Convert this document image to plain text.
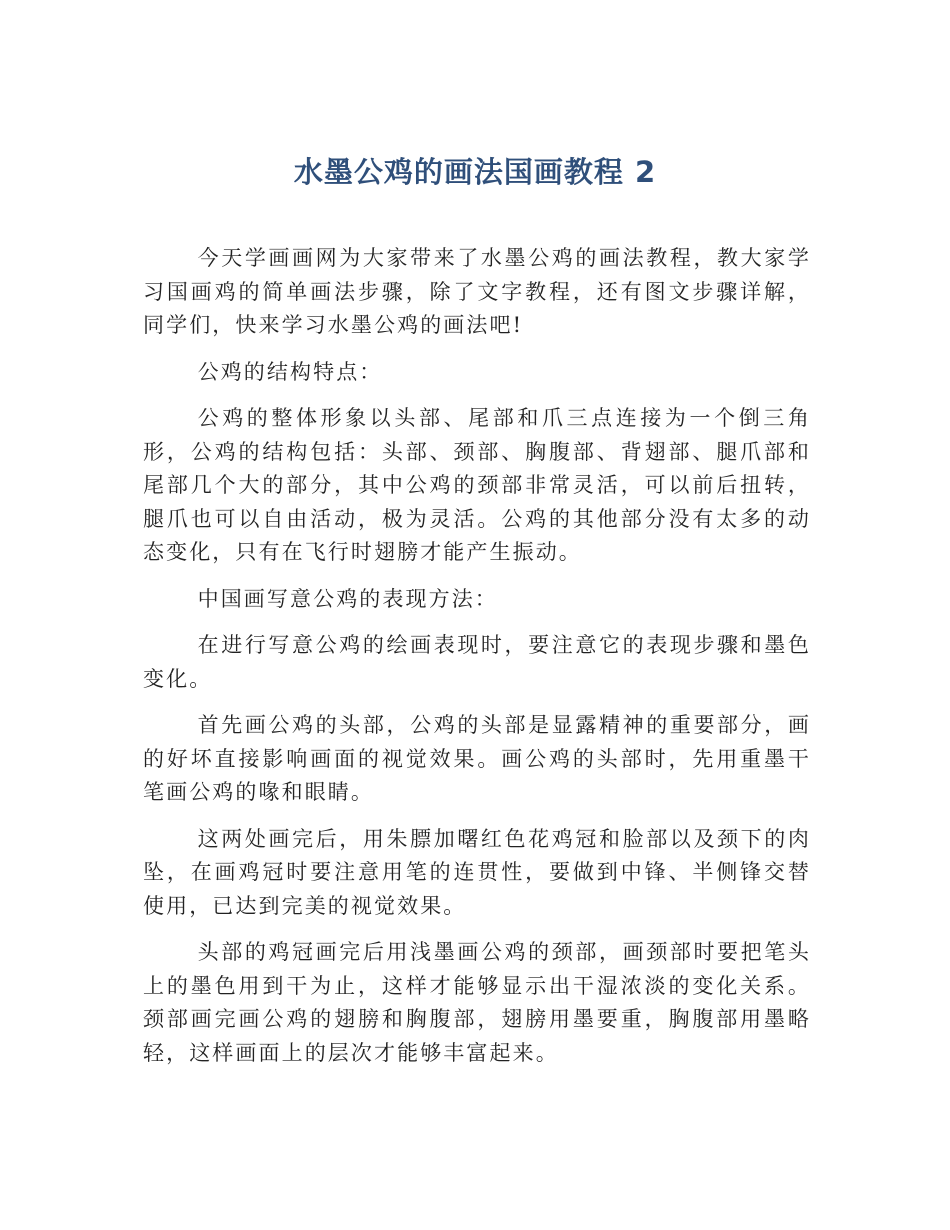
水墨公鸡的画法国画教程 2

今天学画画网为大家带来了水墨公鸡的画法教程，教大家学习国画鸡的简单画法步骤，除了文字教程，还有图文步骤详解，同学们，快来学习水墨公鸡的画法吧!

公鸡的结构特点：

公鸡的整体形象以头部、尾部和爪三点连接为一个倒三角形，公鸡的结构包括：头部、颈部、胸腹部、背翅部、腿爪部和尾部几个大的部分，其中公鸡的颈部非常灵活，可以前后扭转，腿爪也可以自由活动，极为灵活。公鸡的其他部分没有太多的动态变化，只有在飞行时翅膀才能产生振动。

中国画写意公鸡的表现方法：

在进行写意公鸡的绘画表现时，要注意它的表现步骤和墨色变化。

首先画公鸡的头部，公鸡的头部是显露精神的重要部分，画的好坏直接影响画面的视觉效果。画公鸡的头部时，先用重墨干笔画公鸡的喙和眼睛。

这两处画完后，用朱膘加曙红色花鸡冠和脸部以及颈下的肉坠，在画鸡冠时要注意用笔的连贯性，要做到中锋、半侧锋交替使用，已达到完美的视觉效果。

头部的鸡冠画完后用浅墨画公鸡的颈部，画颈部时要把笔头上的墨色用到干为止，这样才能够显示出干湿浓淡的变化关系。颈部画完画公鸡的翅膀和胸腹部，翅膀用墨要重，胸腹部用墨略轻，这样画面上的层次才能够丰富起来。
